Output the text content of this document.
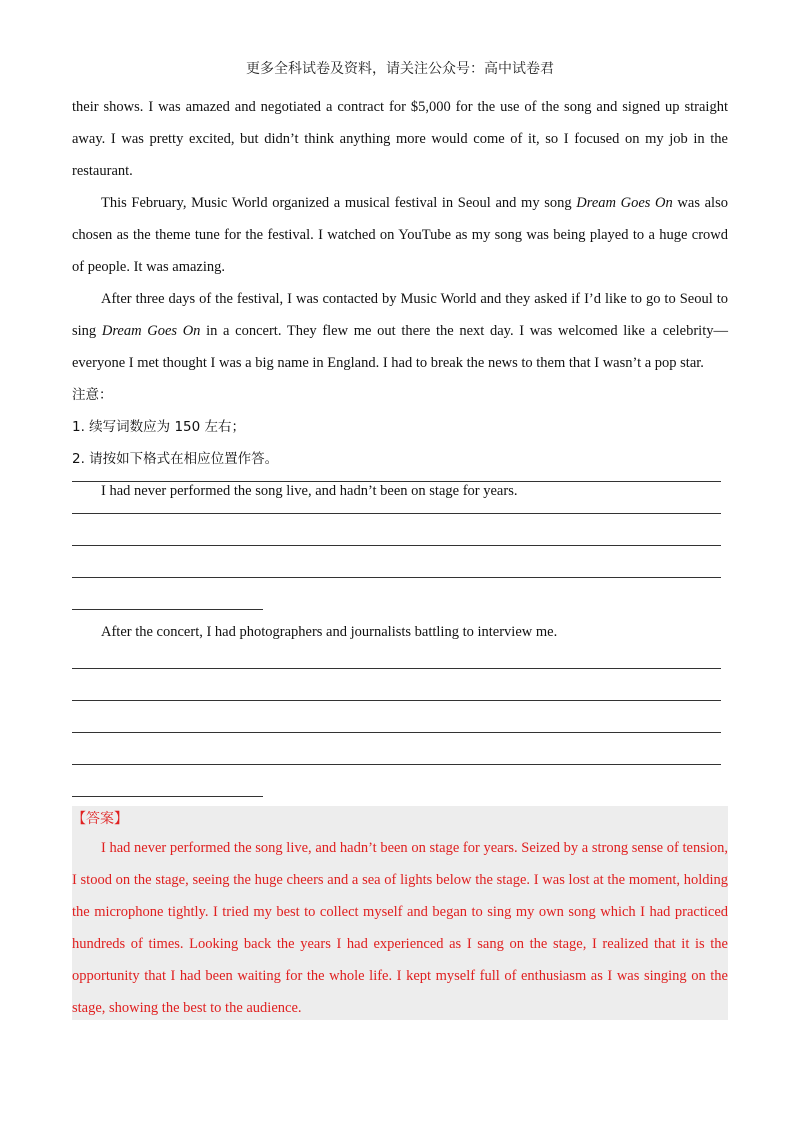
更多全科试卷及资料，请关注公众号：高中试卷君

their shows. I was amazed and negotiated a contract for $5,000 for the use of the song and signed up straight away. I was pretty excited, but didn’t think anything more would come of it, so I focused on my job in the restaurant.

This February, Music World organized a musical festival in Seoul and my song Dream Goes On was also chosen as the theme tune for the festival. I watched on YouTube as my song was being played to a huge crowd of people. It was amazing.

After three days of the festival, I was contacted by Music World and they asked if I’d like to go to Seoul to sing Dream Goes On in a concert. They flew me out there the next day. I was welcomed like a celebrity—everyone I met thought I was a big name in England. I had to break the news to them that I wasn’t a pop star.

注意：

1. 续写词数应为 150 左右；

2. 请按如下格式在相应位置作答。

I had never performed the song live, and hadn’t been on stage for years.

After the concert, I had photographers and journalists battling to interview me.

【答案】

I had never performed the song live, and hadn’t been on stage for years. Seized by a strong sense of tension, I stood on the stage, seeing the huge cheers and a sea of lights below the stage. I was lost at the moment, holding the microphone tightly. I tried my best to collect myself and began to sing my own song which I had practiced hundreds of times. Looking back the years I had experienced as I sang on the stage, I realized that it is the opportunity that I had been waiting for the whole life. I kept myself full of enthusiasm as I was singing on the stage, showing the best to the audience.
